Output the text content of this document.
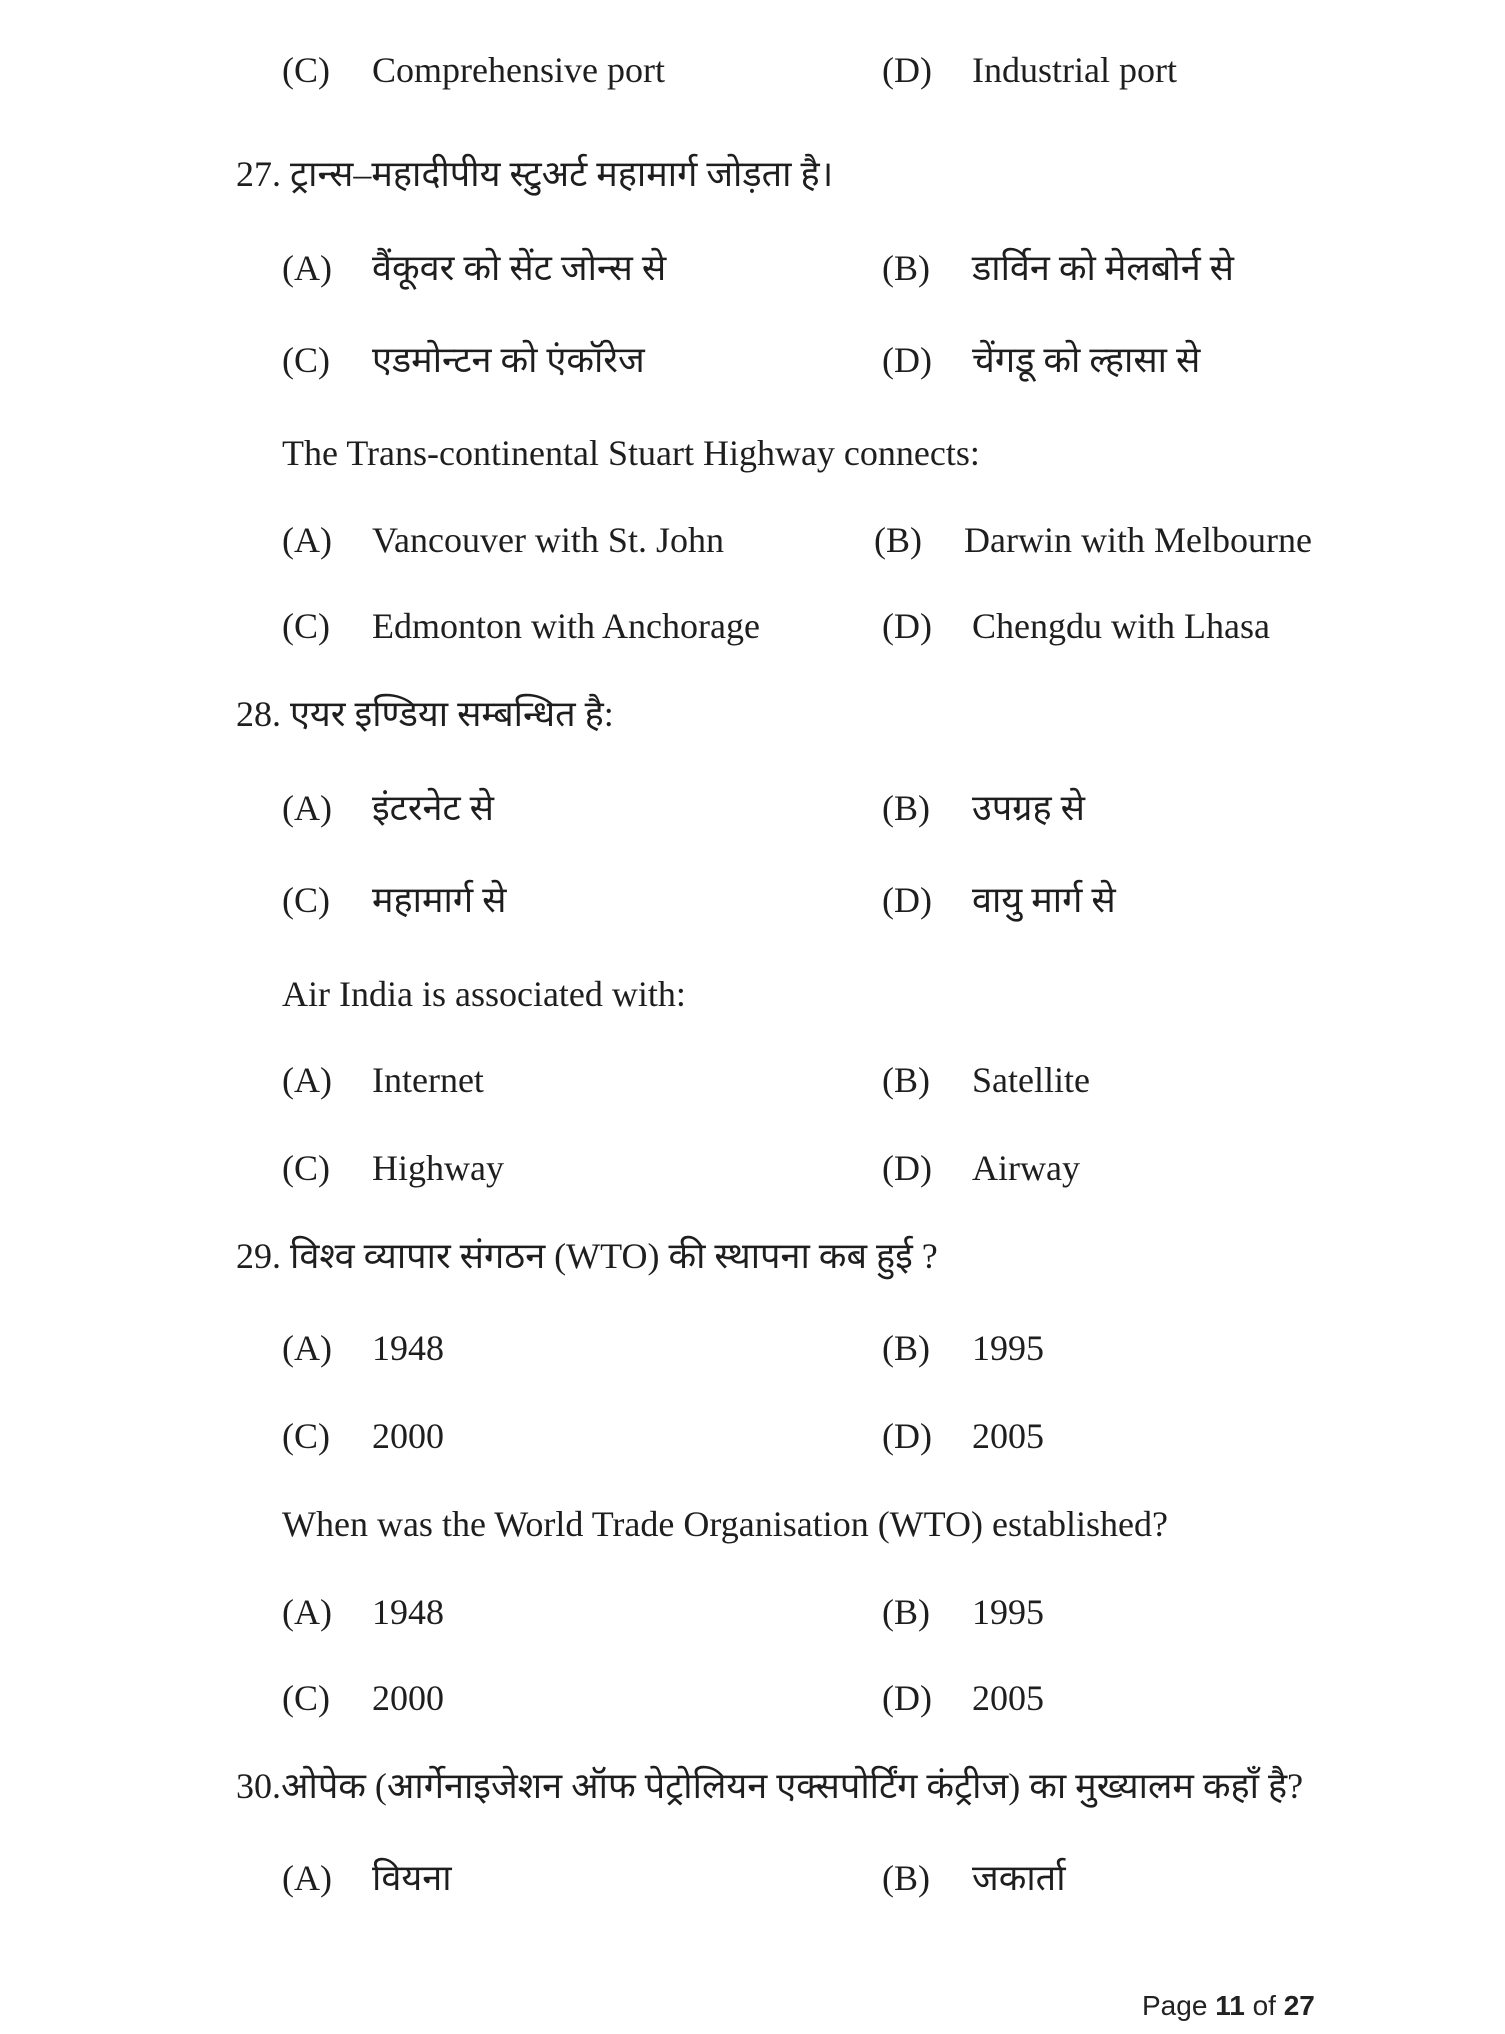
(C) Comprehensive port	(D) Industrial port
27. ट्रान्स–महादीपीय स्टुअर्ट महामार्ग जोड़ता है।
(A) वैंकूवर को सेंट जोन्स से	(B) डार्विन को मेलबोर्न से
(C) एडमोन्टन को एंकॉरेज	(D) चेंगडू को ल्हासा से
The Trans-continental Stuart Highway connects:
(A) Vancouver with St. John	(B) Darwin with Melbourne
(C) Edmonton with Anchorage	(D) Chengdu with Lhasa
28. एयर इण्डिया सम्बन्धित है:
(A) इंटरनेट से	(B) उपग्रह से
(C) महामार्ग से	(D) वायु मार्ग से
Air India is associated with:
(A) Internet	(B) Satellite
(C) Highway	(D) Airway
29. विश्व व्यापार संगठन (WTO) की स्थापना कब हुई ?
(A) 1948	(B) 1995
(C) 2000	(D) 2005
When was the World Trade Organisation (WTO) established?
(A) 1948	(B) 1995
(C) 2000	(D) 2005
30.ओपेक (आर्गेनाइजेशन ऑफ पेट्रोलियन एक्सपोर्टिंग कंट्रीज) का मुख्यालम कहाँ है?
(A) वियना	(B) जकार्ता
Page 11 of 27
